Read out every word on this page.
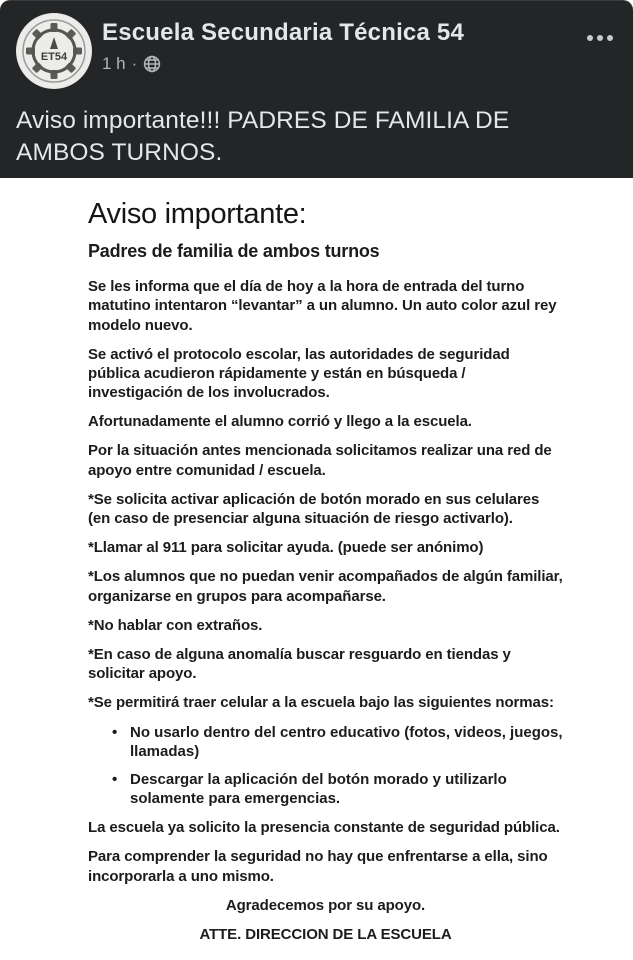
ET54
Escuela Secundaria Técnica 54
1 h ·
Aviso importante!!! PADRES DE FAMILIA DE AMBOS TURNOS.
Aviso importante:
Padres de familia de ambos turnos

Se les informa que el día de hoy a la hora de entrada del turno matutino intentaron “levantar” a un alumno. Un auto color azul rey modelo nuevo.

Se activó el protocolo escolar, las autoridades de seguridad pública acudieron rápidamente y están en búsqueda / investigación de los involucrados.

Afortunadamente el alumno corrió y llego a la escuela.

Por la situación antes mencionada solicitamos realizar una red de apoyo entre comunidad / escuela.

*Se solicita activar aplicación de botón morado en sus celulares (en caso de presenciar alguna situación de riesgo activarlo).

*Llamar al 911 para solicitar ayuda. (puede ser anónimo)

*Los alumnos que no puedan venir acompañados de algún familiar, organizarse en grupos para acompañarse.

*No hablar con extraños.

*En caso de alguna anomalía buscar resguardo en tiendas y solicitar apoyo.

*Se permitirá traer celular a la escuela bajo las siguientes normas:

• No usarlo dentro del centro educativo (fotos, videos, juegos, llamadas)
• Descargar la aplicación del botón morado y utilizarlo solamente para emergencias.

La escuela ya solicito la presencia constante de seguridad pública.

Para comprender la seguridad no hay que enfrentarse a ella, sino incorporarla a uno mismo.

Agradecemos por su apoyo.

ATTE. DIRECCION DE LA ESCUELA
